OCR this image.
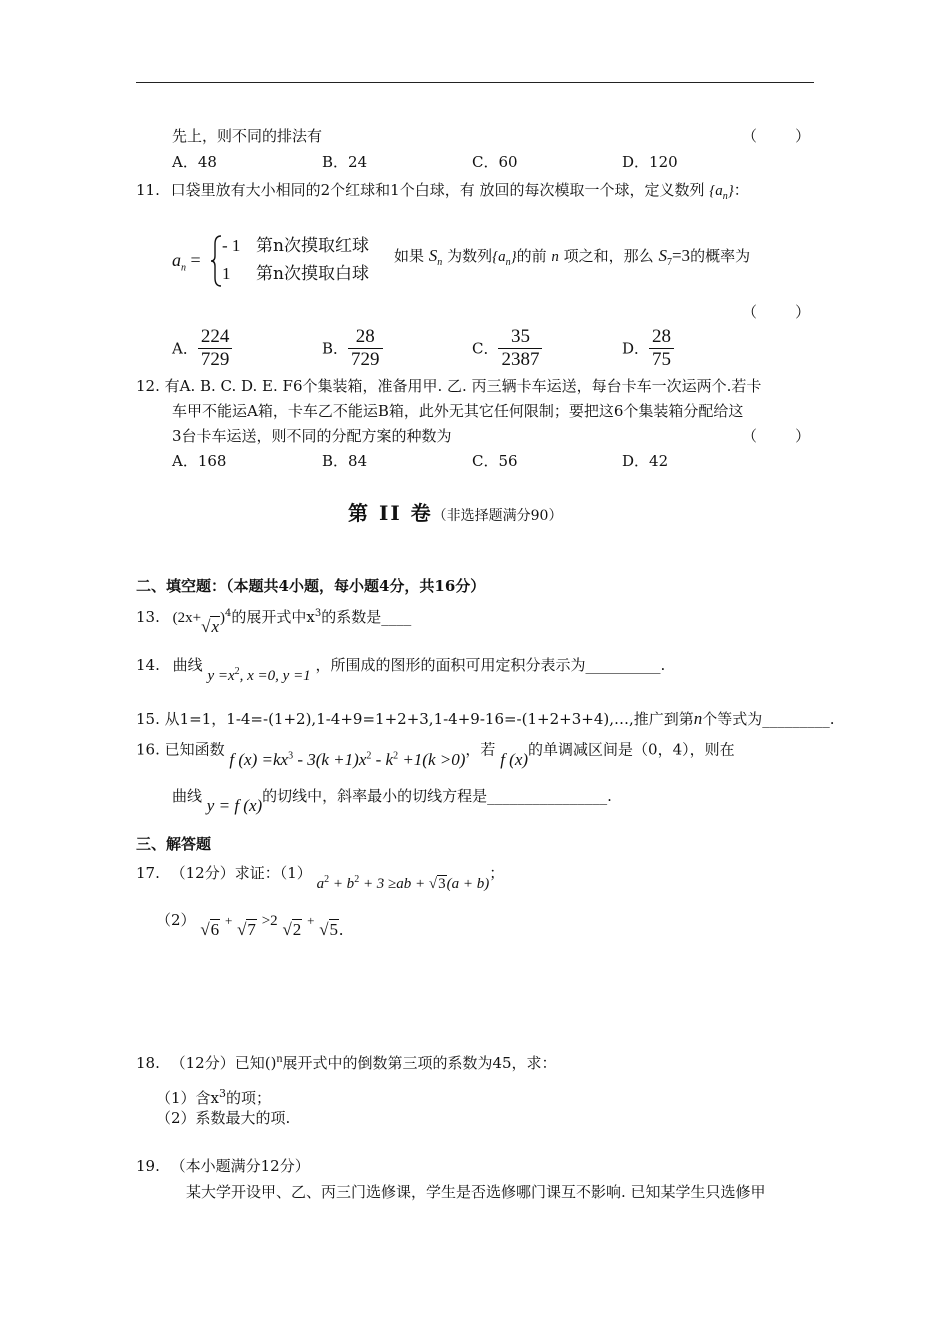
先上，则不同的排法有	（        ）
A．48	B．24	C．60	D．120
11. 口袋里放有大小相同的2个红球和1个白球，有 放回的每次模取一个球，定义数列 $\{a_n\}$：
$a_n$ =
- 1 第n次摸取红球
1 第n次摸取白球
如果 $S_n$ 为数列$\{a_n\}$的前 n 项之和，那么 $S_7=3$的概率为
（        ）
A． $\frac{224}{729}$	B． $\frac{28}{729}$	C． $\frac{35}{2387}$	D． $\frac{28}{75}$
12. 有A. B. C. D. E. F6个集装箱，准备用甲. 乙. 丙三辆卡车运送，每台卡车一次运两个.若卡
车甲不能运A箱，卡车乙不能运B箱，此外无其它任何限制；要把这6个集装箱分配给这
3台卡车运送，则不同的分配方案的种数为	（        ）
A．168	B．84	C．56	D．42
第 II 卷（非选择题满分90）
二、填空题：（本题共4小题，每小题4分，共16分）
13. $(2x+√x)^4$的展开式中$x^3$的系数是____
14. 曲线 $y =x^2$, x =0, y =1 ，所围成的图形的面积可用定积分表示为__________.
15. 从1=1，1-4=-(1+2),1-4+9=1+2+3,1-4+9-16=-(1+2+3+4),…,推广到第n个等式为_________.
16. 已知函数 f $(x) =kx^3 - 3(k +1)x^2 - k^2 +1(k >0)$，若 f (x)的单调减区间是（0，4），则在
曲线 y = f (x)的切线中，斜率最小的切线方程是________________.
三、解答题
17. （12分）求证：（1） $a^2 + b^2 + 3 \ge ab + √3(a + b)$；
（2） √6 + √7 >2 √2 + √5.
18. （12分）已知()$^n$展开式中的倒数第三项的系数为45，求：
（1）含$x^3$的项；
（2）系数最大的项.
19. （本小题满分12分）
某大学开设甲、乙、丙三门选修课，学生是否选修哪门课互不影响. 已知某学生只选修甲
